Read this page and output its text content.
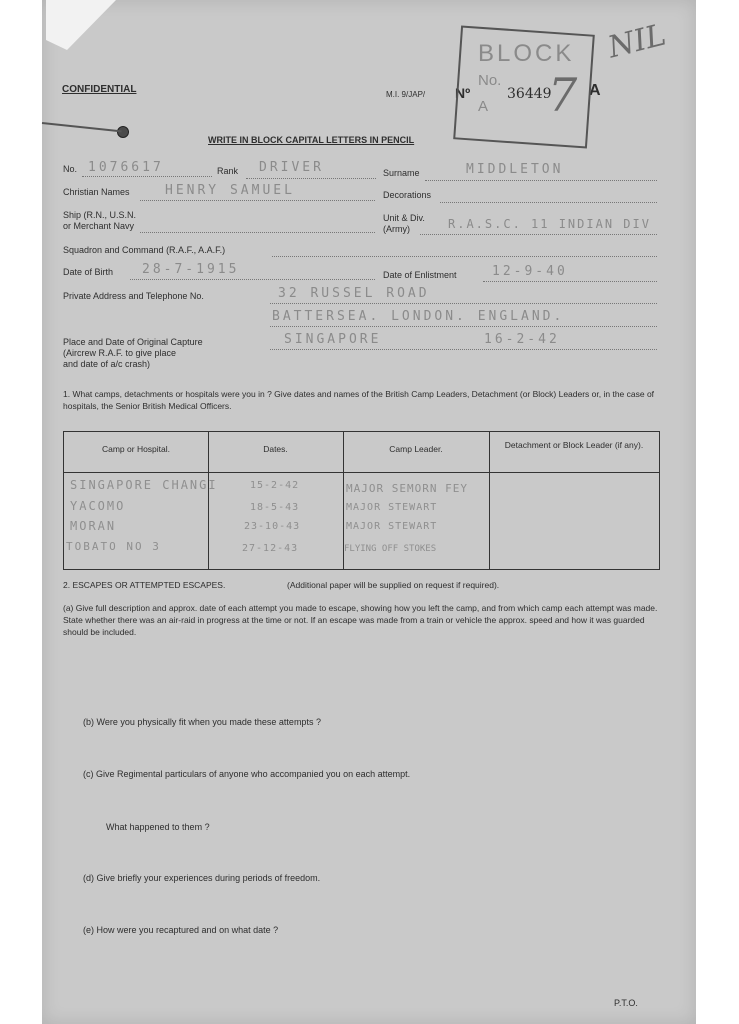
CONFIDENTIAL	M.I. 9/JAP/ Nº	36449 A
BLOCK
No.
A 7
NIL
WRITE IN BLOCK CAPITAL LETTERS IN PENCIL
No. 1076617	Rank DRIVER	Surname	MIDDLETON
Christian Names	HENRY SAMUEL	Decorations
Ship (R.N., U.S.N.
or Merchant Navy
Unit & Div.
(Army)	R.A.S.C. 11 INDIAN DIV
Squadron and Command (R.A.F., A.A.F.)
Date of Birth 28-7-1915	Date of Enlistment	12-9-40
Private Address and Telephone No.	32 RUSSEL ROAD
BATTERSEA. LONDON. ENGLAND.
Place and Date of Original Capture
(Aircrew R.A.F. to give place
and date of a/c crash)
SINGAPORE	16-2-42
1. What camps, detachments or hospitals were you in ? Give dates and names of the British Camp Leaders, Detachment (or Block) Leaders or, in the case of hospitals, the Senior British Medical Officers.
Camp or Hospital.	Dates.	Camp Leader.	Detachment or Block Leader (if any).
SINGAPORE CHANGI	15-2-42	MAJOR SEMORN FEY
YACOMO	18-5-43	MAJOR STEWART
MORAN	23-10-43	MAJOR STEWART
TOBATO NO 3	27-12-43	FLYING OFF STOKES
2. ESCAPES OR ATTEMPTED ESCAPES.	(Additional paper will be supplied on request if required).
(a) Give full description and approx. date of each attempt you made to escape, showing how you left the camp, and from which camp each attempt was made. State whether there was an air-raid in progress at the time or not. If an escape was made from a train or vehicle the approx. speed and how it was guarded should be included.
(b) Were you physically fit when you made these attempts ?
(c) Give Regimental particulars of anyone who accompanied you on each attempt.
What happened to them ?
(d) Give briefly your experiences during periods of freedom.
(e) How were you recaptured and on what date ?
P.T.O.
